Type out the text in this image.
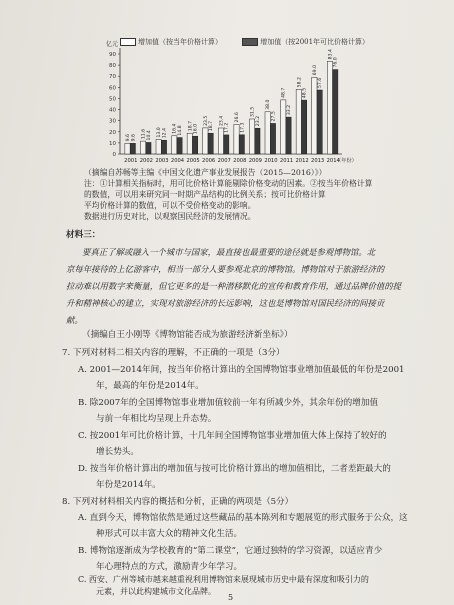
增加值（按当年价格计算）	增加值（按2001年可比价格计算）
亿元
0
10
20
30
40
50
60
70
80
90
9.6 9.6
2001
11.6 10.4
2002
13.0 12.4
2003
16.4 14.8
2004
18.7 16.0
2005
23.5
18.7
2006
23.4
17.2
2007
26.6
17.3
2008
31.5
23.2
2009
38.0
27.5
2010
48.7
33.2
2011
58.2
48.5
2012
69.0
57.6
2013
83.4
76.0
2014
（年份）
（摘编自苏畅等主编《中国文化遗产事业发展报告（2015—2016）》）
注：①计算相关指标时，用可比价格计算能剔除价格变动的因素。②按当年价格计算
的数值，可以用来研究同一时期产品结构的比例关系；按可比价格计算
平均价格计算的数值，可以不受价格变动的影响。
数据进行历史对比，以观察国民经济的发展情况。
材料三：
要真正了解或融入一个城市与国家，最直接也最重要的途径就是参观博物馆。北
京每年接待的上亿游客中，相当一部分人要参观北京的博物馆。博物馆对于旅游经济的
拉动难以用数字来衡量，但它更多的是一种潜移默化的宣传和教育作用，通过品牌价值的提
升和精神核心的建立，实现对旅游经济的长远影响，这也是博物馆对国民经济的间接贡
献。
（摘编自王小刚等《博物馆能否成为旅游经济新坐标》）
7. 下列对材料二相关内容的理解，不正确的一项是（3分）
A. 2001—2014年间，按当年价格计算出的全国博物馆事业增加值最低的年份是2001
年，最高的年份是2014年。
B. 除2007年的全国博物馆事业增加值较前一年有所减少外，其余年份的增加值
与前一年相比均呈现上升态势。
C. 按2001年可比价格计算，十几年间全国博物馆事业增加值大体上保持了较好的
增长势头。
D. 按当年价格计算出的增加值与按可比价格计算出的增加值相比，二者差距最大的
年份是2014年。
8. 下列对材料相关内容的概括和分析，正确的两项是（5分）
A. 直到今天，博物馆依然是通过这些藏品的基本陈列和专题展览的形式服务于公众，这
种形式可以丰富大众的精神文化生活。
B. 博物馆逐渐成为学校教育的“第二课堂”，它通过独特的学习资源，以适应青少
年心理特点的方式，激励青少年学习。
C. 西安、广州等城市越来越重视利用博物馆来展现城市历史中最有深度和吸引力的
元素，并以此构建城市文化品牌。
5
